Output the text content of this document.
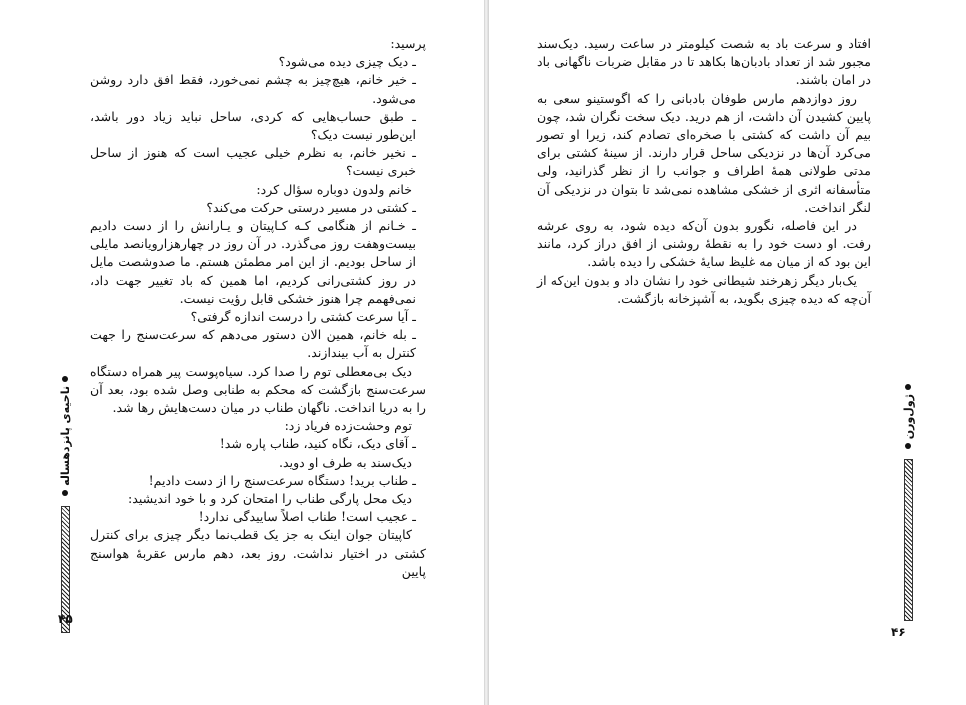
پرسید:

ـ دیک چیزی دیده می‌شود؟

ـ خیر خانم، هیچ‌چیز به چشم نمی‌خورد، فقط افق دارد روشن می‌شود.

ـ طبق حساب‌هایی که کردی، ساحل نباید زیاد دور باشد، این‌طور نیست دیک؟

ـ نخیر خانم، به نظرم خیلی عجیب است که هنوز از ساحل خبری نیست؟

خانم ولدون دوباره سؤال کرد:

ـ کشتی در مسیر درستی حرکت می‌کند؟

ـ خـانم از هنگامی کـه کـاپیتان و یـارانش را از دست دادیم بیست‌وهفت روز می‌گذرد. در آن روز در چهارهزارویانصد مایلی از ساحل بودیم. از این امر مطمئن هستم. ما صدوشصت مایل در روز کشتی‌رانی کردیم، اما همین که باد تغییر جهت داد، نمی‌فهمم چرا هنوز خشکی قابل رؤیت نیست.

ـ آیا سرعت کشتی را درست اندازه گرفتی؟

ـ بله خانم، همین الان دستور می‌دهم که سرعت‌سنج را جهت کنترل به آب بیندازند.

دیک بی‌معطلی توم را صدا کرد. سیاه‌پوست پیر همراه دستگاه سرعت‌سنج بازگشت که محکم به طنابی وصل شده بود، بعد آن را به دریا انداخت. ناگهان طناب در میان دست‌هایش رها شد.

توم وحشت‌زده فریاد زد:

ـ آقای دیک، نگاه کنید، طناب پاره شد!

دیک‌سند به طرف او دوید.

ـ طناب برید! دستگاه سرعت‌سنج را از دست دادیم!

دیک محل پارگی طناب را امتحان کرد و با خود اندیشید:

ـ عجیب است! طناب اصلاً ساییدگی ندارد!

کاپیتان جوان اینک به جز یک قطب‌نما دیگر چیزی برای کنترل کشتی در اختیار نداشت. روز بعد، دهم مارس عقربهٔ هواسنج پایین

ناحیه‌ی پانزدهساله
۴۵

افتاد و سرعت باد به شصت کیلومتر در ساعت رسید. دیک‌سند مجبور شد از تعداد بادبان‌ها بکاهد تا در مقابل ضربات ناگهانی باد در امان باشند.

روز دوازدهم مارس طوفان بادبانی را که اگوستینو سعی به پایین کشیدن آن داشت، از هم درید. دیک سخت نگران شد، چون بیم آن داشت که کشتی با صخره‌ای تصادم کند، زیرا او تصور می‌کرد آن‌ها در نزدیکی ساحل قرار دارند. از سینهٔ کشتی برای مدتی طولانی همهٔ اطراف و جوانب را از نظر گذرانید، ولی متأسفانه اثری از خشکی مشاهده نمی‌شد تا بتوان در نزدیکی آن لنگر انداخت.

در این فاصله، نگورو بدون آن‌که دیده شود، به روی عرشه رفت. او دست خود را به نقطهٔ روشنی از افق دراز کرد، مانند این بود که از میان مه غلیظ سایهٔ خشکی را دیده باشد.

یک‌بار دیگر زهرخند شیطانی خود را نشان داد و بدون این‌که از آن‌چه که دیده چیزی بگوید، به آشپزخانه بازگشت.

ژول‌ورن
۴۶
